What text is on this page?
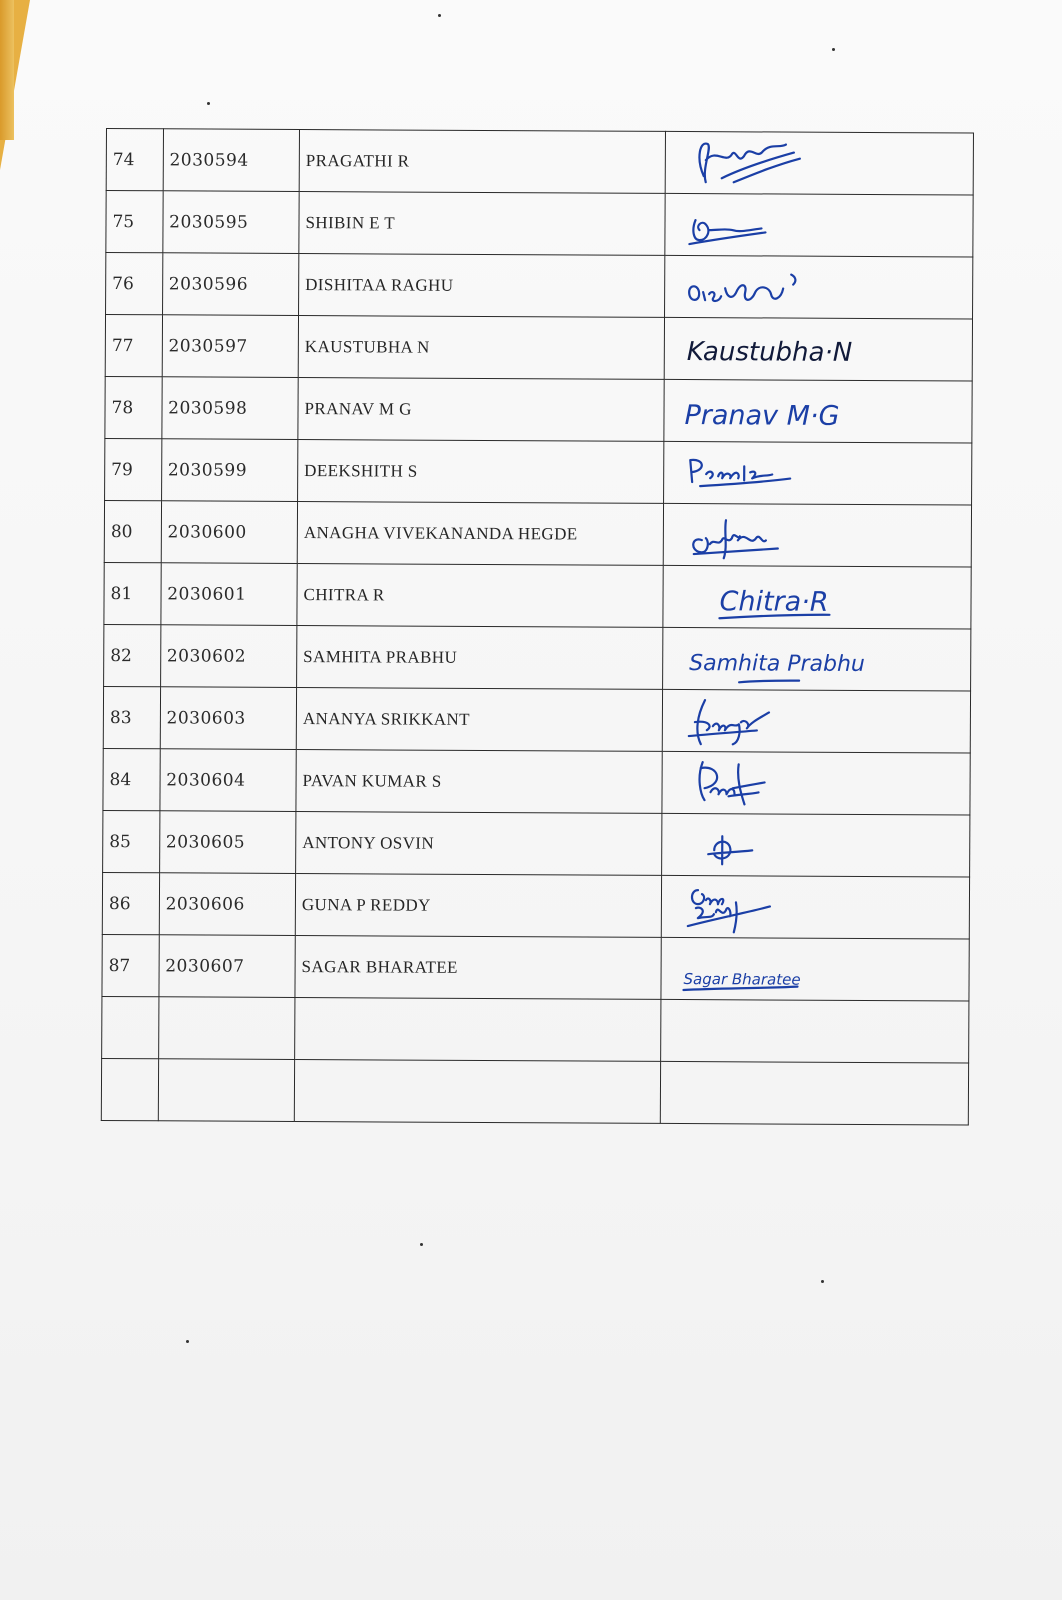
74	2030594	PRAGATHI R	

75	2030595	SHIBIN E T	

76	2030596	DISHITAA RAGHU	

77	2030597	KAUSTUBHA N	Kaustubha·N

78	2030598	PRANAV M G	Pranav M·G

79	2030599	DEEKSHITH S	

80	2030600	ANAGHA VIVEKANANDA HEGDE	

81	2030601	CHITRA R	Chitra·R

82	2030602	SAMHITA PRABHU	Samhita Prabhu

83	2030603	ANANYA SRIKKANT	

84	2030604	PAVAN KUMAR S	

85	2030605	ANTONY OSVIN	

86	2030606	GUNA P REDDY	

87	2030607	SAGAR BHARATEE	Sagar Bharatee
